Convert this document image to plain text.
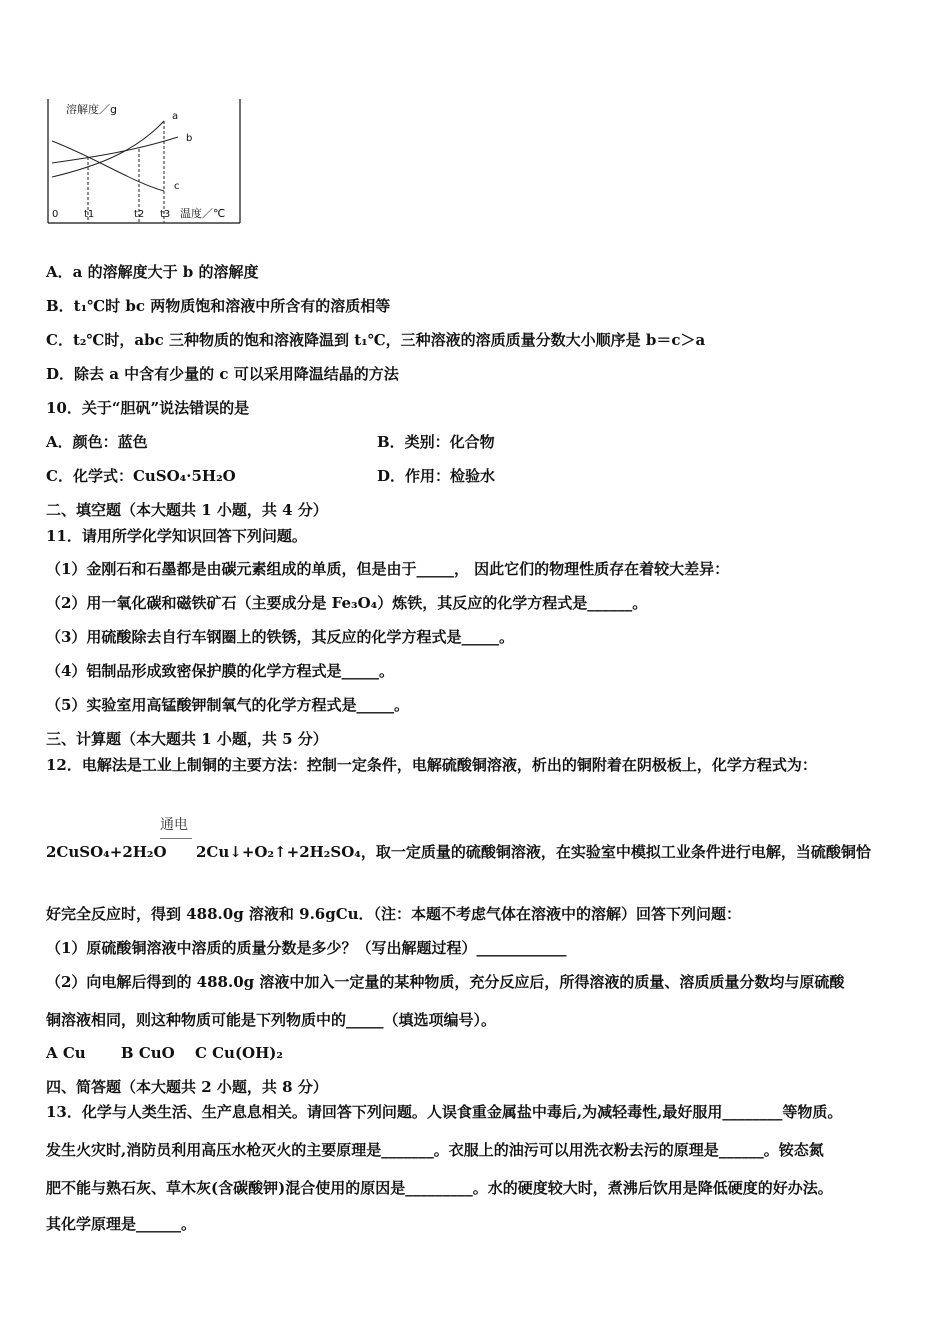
溶解度／g
a
b
c
0	t1	t2 t3 温度／℃
A．a 的溶解度大于 b 的溶解度
B．t₁℃时 bc 两物质饱和溶液中所含有的溶质相等
C．t₂℃时，abc 三种物质的饱和溶液降温到 t₁℃，三种溶液的溶质质量分数大小顺序是 b＝c＞a
D．除去 a 中含有少量的 c 可以采用降温结晶的方法
10．关于“胆矾”说法错误的是
A．颜色：蓝色	B．类别：化合物
C．化学式：CuSO₄·5H₂O	D．作用：检验水
二、填空题（本大题共 1 小题，共 4 分）
11．请用所学化学知识回答下列问题。
（1）金刚石和石墨都是由碳元素组成的单质，但是由于_____， 因此它们的物理性质存在着较大差异：
（2）用一氧化碳和磁铁矿石（主要成分是 Fe₃O₄）炼铁，其反应的化学方程式是______。
（3）用硫酸除去自行车钢圈上的铁锈，其反应的化学方程式是_____。
（4）铝制品形成致密保护膜的化学方程式是_____。
（5）实验室用高锰酸钾制氧气的化学方程式是_____。
三、计算题（本大题共 1 小题，共 5 分）
12．电解法是工业上制铜的主要方法：控制一定条件，电解硫酸铜溶液，析出的铜附着在阴极板上，化学方程式为：
通电
2CuSO₄+2H₂O 2Cu↓+O₂↑+2H₂SO₄，取一定质量的硫酸铜溶液，在实验室中模拟工业条件进行电解，当硫酸铜恰
好完全反应时，得到 488.0g 溶液和 9.6gCu．（注：本题不考虑气体在溶液中的溶解）回答下列问题：
（1）原硫酸铜溶液中溶质的质量分数是多少？（写出解题过程）____________
（2）向电解后得到的 488.0g 溶液中加入一定量的某种物质，充分反应后，所得溶液的质量、溶质质量分数均与原硫酸
铜溶液相同，则这种物质可能是下列物质中的_____（填选项编号）。
A Cu　　 B CuO　 C Cu(OH)₂
四、简答题（本大题共 2 小题，共 8 分）
13．化学与人类生活、生产息息相关。请回答下列问题。人误食重金属盐中毒后,为减轻毒性,最好服用________等物质。
发生火灾时,消防员利用高压水枪灭火的主要原理是_______。衣服上的油污可以用洗衣粉去污的原理是______。铵态氮
肥不能与熟石灰、草木灰(含碳酸钾)混合使用的原因是_________。水的硬度较大时，煮沸后饮用是降低硬度的好办法。
其化学原理是______。
